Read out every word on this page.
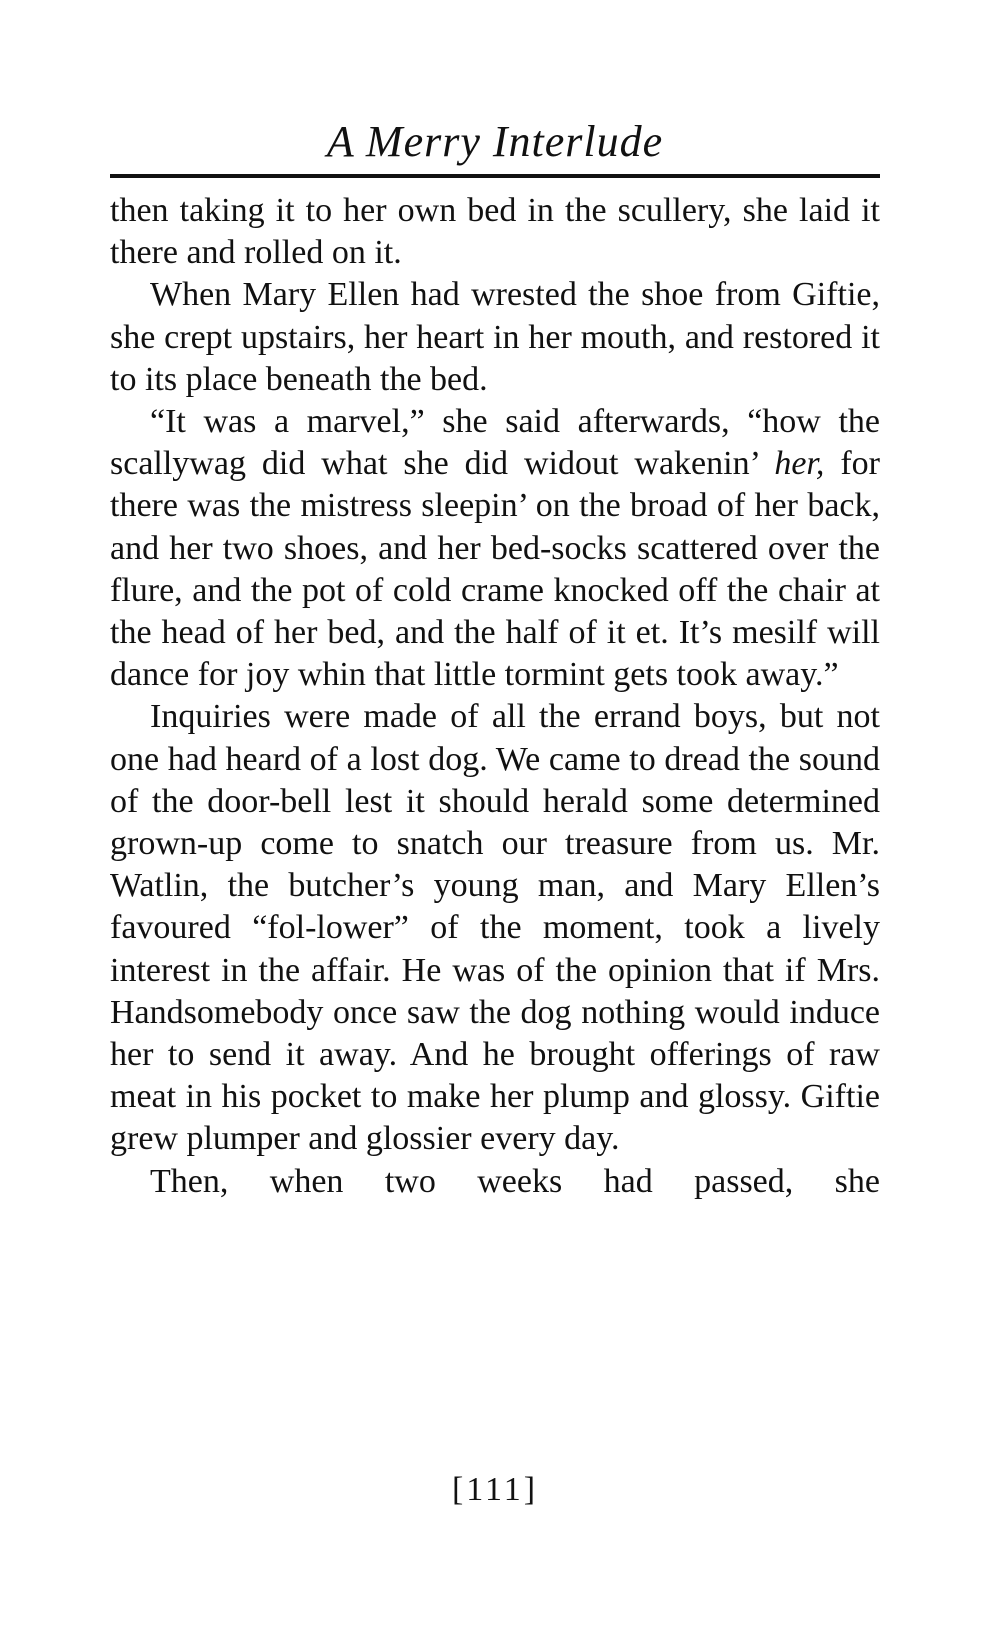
A Merry Interlude

then taking it to her own bed in the scullery, she laid it there and rolled on it.

When Mary Ellen had wrested the shoe from Giftie, she crept upstairs, her heart in her mouth, and restored it to its place beneath the bed.

“It was a marvel,” she said afterwards, “how the scallywag did what she did widout wakenin’ her, for there was the mistress sleepin’ on the broad of her back, and her two shoes, and her bed-socks scattered over the flure, and the pot of cold crame knocked off the chair at the head of her bed, and the half of it et. It’s mesilf will dance for joy whin that little tormint gets took away.”

Inquiries were made of all the errand boys, but not one had heard of a lost dog. We came to dread the sound of the door-bell lest it should herald some determined grown-up come to snatch our treasure from us. Mr. Watlin, the butcher’s young man, and Mary Ellen’s favoured “fol-lower” of the moment, took a lively interest in the affair. He was of the opinion that if Mrs. Handsomebody once saw the dog nothing would induce her to send it away. And he brought offerings of raw meat in his pocket to make her plump and glossy. Giftie grew plumper and glossier every day.

Then, when two weeks had passed, she

[111]
